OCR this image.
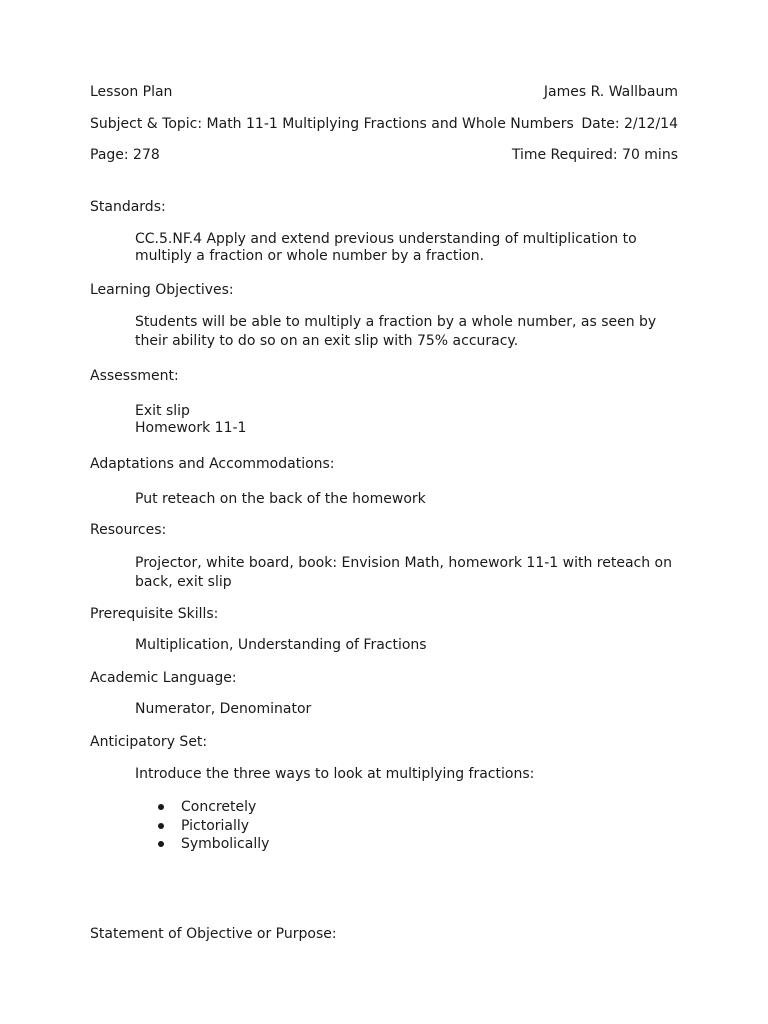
Lesson Plan	James R. Wallbaum
Subject & Topic: Math 11-1 Multiplying Fractions and Whole Numbers Date: 2/12/14
Page: 278	Time Required: 70 mins
Standards:
CC.5.NF.4 Apply and extend previous understanding of multiplication to multiply a fraction or whole number by a fraction.
Learning Objectives:
Students will be able to multiply a fraction by a whole number, as seen by their ability to do so on an exit slip with 75% accuracy.
Assessment:
Exit slip
Homework 11-1
Adaptations and Accommodations:
Put reteach on the back of the homework
Resources:
Projector, white board, book: Envision Math, homework 11-1 with reteach on back, exit slip
Prerequisite Skills:
Multiplication, Understanding of Fractions
Academic Language:
Numerator, Denominator
Anticipatory Set:
Introduce the three ways to look at multiplying fractions:
Concretely
Pictorially
Symbolically
Statement of Objective or Purpose:
